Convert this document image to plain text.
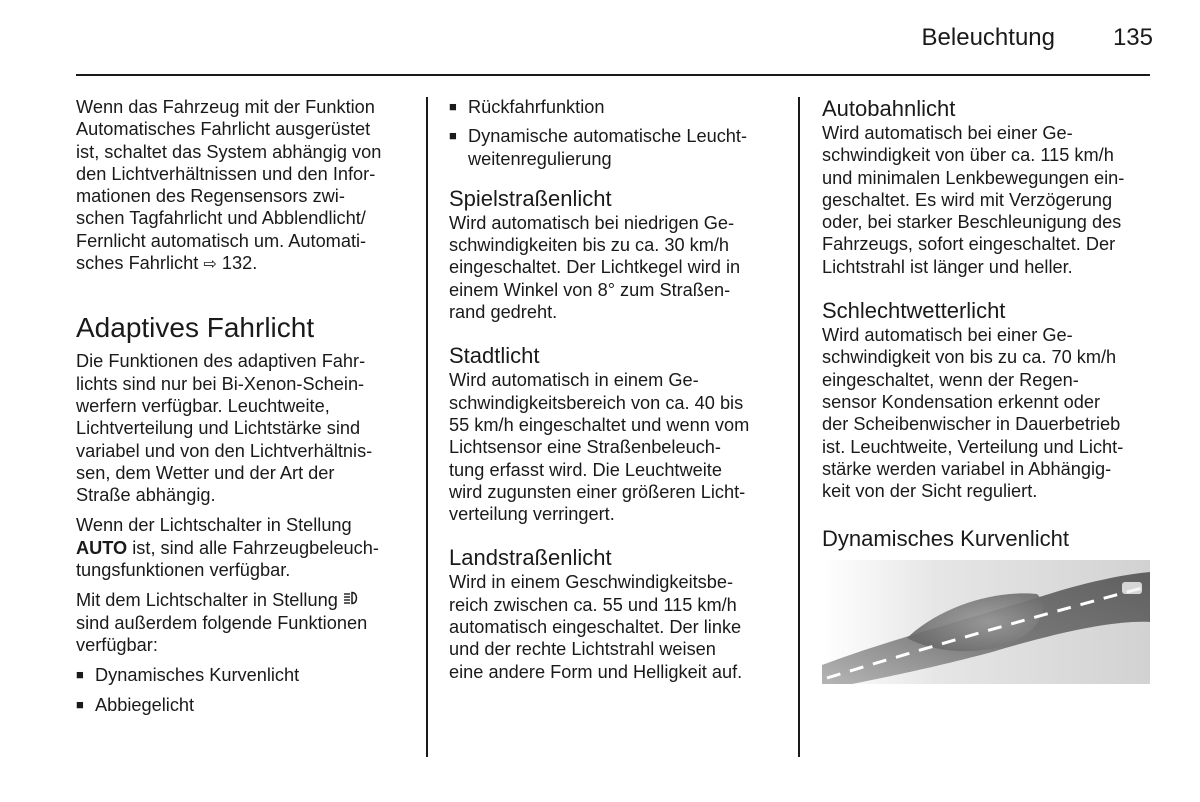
Beleuchtung 135

Wenn das Fahrzeug mit der Funktion
Automatisches Fahrlicht ausgerüstet
ist, schaltet das System abhängig von
den Lichtverhältnissen und den Infor-
mationen des Regensensors zwi-
schen Tagfahrlicht und Abblendlicht/
Fernlicht automatisch um. Automati-
sches Fahrlicht ⇨ 132.

Adaptives Fahrlicht

Die Funktionen des adaptiven Fahr-
lichts sind nur bei Bi-Xenon-Schein-
werfern verfügbar. Leuchtweite,
Lichtverteilung und Lichtstärke sind
variabel und von den Lichtverhältnis-
sen, dem Wetter und der Art der
Straße abhängig.

Wenn der Lichtschalter in Stellung
AUTO ist, sind alle Fahrzeugbeleuch-
tungsfunktionen verfügbar.

Mit dem Lichtschalter in Stellung
sind außerdem folgende Funktionen
verfügbar:

■ Dynamisches Kurvenlicht
■ Abbiegelicht
■ Rückfahrfunktion
■ Dynamische automatische Leucht-
weitenregulierung
Spielstraßenlicht

Wird automatisch bei niedrigen Ge-
schwindigkeiten bis zu ca. 30 km/h
eingeschaltet. Der Lichtkegel wird in
einem Winkel von 8° zum Straßen-
rand gedreht.

Stadtlicht

Wird automatisch in einem Ge-
schwindigkeitsbereich von ca. 40 bis
55 km/h eingeschaltet und wenn vom
Lichtsensor eine Straßenbeleuch-
tung erfasst wird. Die Leuchtweite
wird zugunsten einer größeren Licht-
verteilung verringert.

Landstraßenlicht

Wird in einem Geschwindigkeitsbe-
reich zwischen ca. 55 und 115 km/h
automatisch eingeschaltet. Der linke
und der rechte Lichtstrahl weisen
eine andere Form und Helligkeit auf.

Autobahnlicht

Wird automatisch bei einer Ge-
schwindigkeit von über ca. 115 km/h
und minimalen Lenkbewegungen ein-
geschaltet. Es wird mit Verzögerung
oder, bei starker Beschleunigung des
Fahrzeugs, sofort eingeschaltet. Der
Lichtstrahl ist länger und heller.

Schlechtwetterlicht

Wird automatisch bei einer Ge-
schwindigkeit von bis zu ca. 70 km/h
eingeschaltet, wenn der Regen-
sensor Kondensation erkennt oder
der Scheibenwischer in Dauerbetrieb
ist. Leuchtweite, Verteilung und Licht-
stärke werden variabel in Abhängig-
keit von der Sicht reguliert.

Dynamisches Kurvenlicht
